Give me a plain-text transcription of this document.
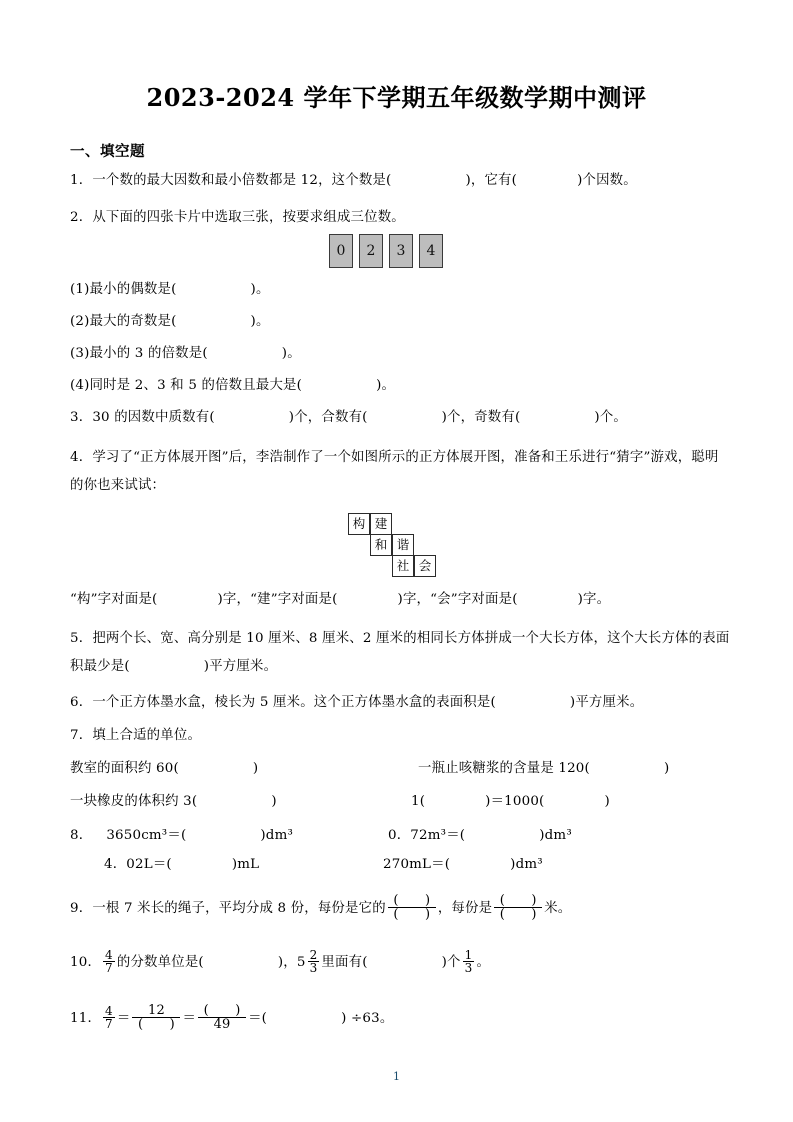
2023-2024 学年下学期五年级数学期中测评
一、填空题
1．一个数的最大因数和最小倍数都是 12，这个数是(	)，它有(	)个因数。
2．从下面的四张卡片中选取三张，按要求组成三位数。
0	2	3	4
(1)最小的偶数是(	)。
(2)最大的奇数是(	)。
(3)最小的 3 的倍数是(	)。
(4)同时是 2、3 和 5 的倍数且最大是(	)。
3．30 的因数中质数有(	)个，合数有(	)个，奇数有(	)个。
4．学习了“正方体展开图”后，李浩制作了一个如图所示的正方体展开图，准备和王乐进行“猜字”游戏，聪明的你也来试试：
构 建
和 谐
社 会
“构”字对面是(	)字，“建”字对面是(	)字，“会”字对面是(	)字。
5．把两个长、宽、高分别是 10 厘米、8 厘米、2 厘米的相同长方体拼成一个大长方体，这个大长方体的表面积最少是(	)平方厘米。
6．一个正方体墨水盒，棱长为 5 厘米。这个正方体墨水盒的表面积是(	)平方厘米。
7．填上合适的单位。
教室的面积约 60(	)	一瓶止咳糖浆的含量是 120(	)
一块橡皮的体积约 3(	)	1(	)＝1000(	)
8． 3650cm³＝(	)dm³	0．72m³＝(	)dm³
4．02L＝(	)mL	270mL＝(	)dm³
9．一根 7 米长的绳子，平均分成 8 份，每份是它的 $\frac{( )}{( )}$ ，每份是 $\frac{( )}{( )}$ 米。
10． $\frac{4}{7}$ 的分数单位是(	)，$5 \frac{2}{3}$ 里面有(	)个 $\frac{1}{3}$ 。
11． $\frac{4}{7} = \frac{12}{( )} = \frac{( )}{49}$ ＝(	) ÷63。
1
